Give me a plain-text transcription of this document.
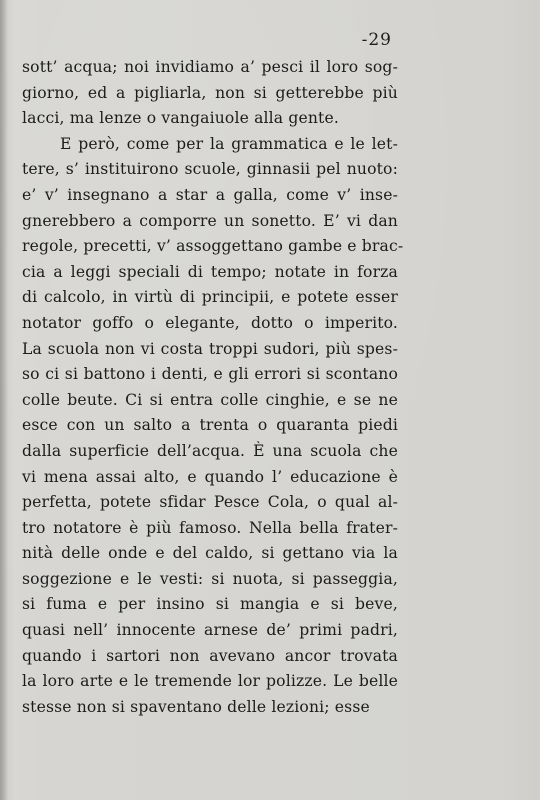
-29
sott’ acqua; noi invidiamo a’ pesci il loro sog-
giorno, ed a pigliarla, non si getterebbe più
lacci, ma lenze o vangaiuole alla gente.
E però, come per la grammatica e le let-
tere, s’ instituirono scuole, ginnasii pel nuoto:
e’ v’ insegnano a star a galla, come v’ inse-
gnerebbero a comporre un sonetto. E’ vi dan
regole, precetti, v’ assoggettano gambe e brac-
cia a leggi speciali di tempo; notate in forza
di calcolo, in virtù di principii, e potete esser
notator goffo o elegante, dotto o imperito.
La scuola non vi costa troppi sudori, più spes-
so ci si battono i denti, e gli errori si scontano
colle beute. Ci si entra colle cinghie, e se ne
esce con un salto a trenta o quaranta piedi
dalla superficie dell’acqua. È una scuola che
vi mena assai alto, e quando l’ educazione è
perfetta, potete sfidar Pesce Cola, o qual al-
tro notatore è più famoso. Nella bella frater-
nità delle onde e del caldo, si gettano via la
soggezione e le vesti: si nuota, si passeggia,
si fuma e per insino si mangia e si beve,
quasi nell’ innocente arnese de’ primi padri,
quando i sartori non avevano ancor trovata
la loro arte e le tremende lor polizze. Le belle
stesse non si spaventano delle lezioni; esse
